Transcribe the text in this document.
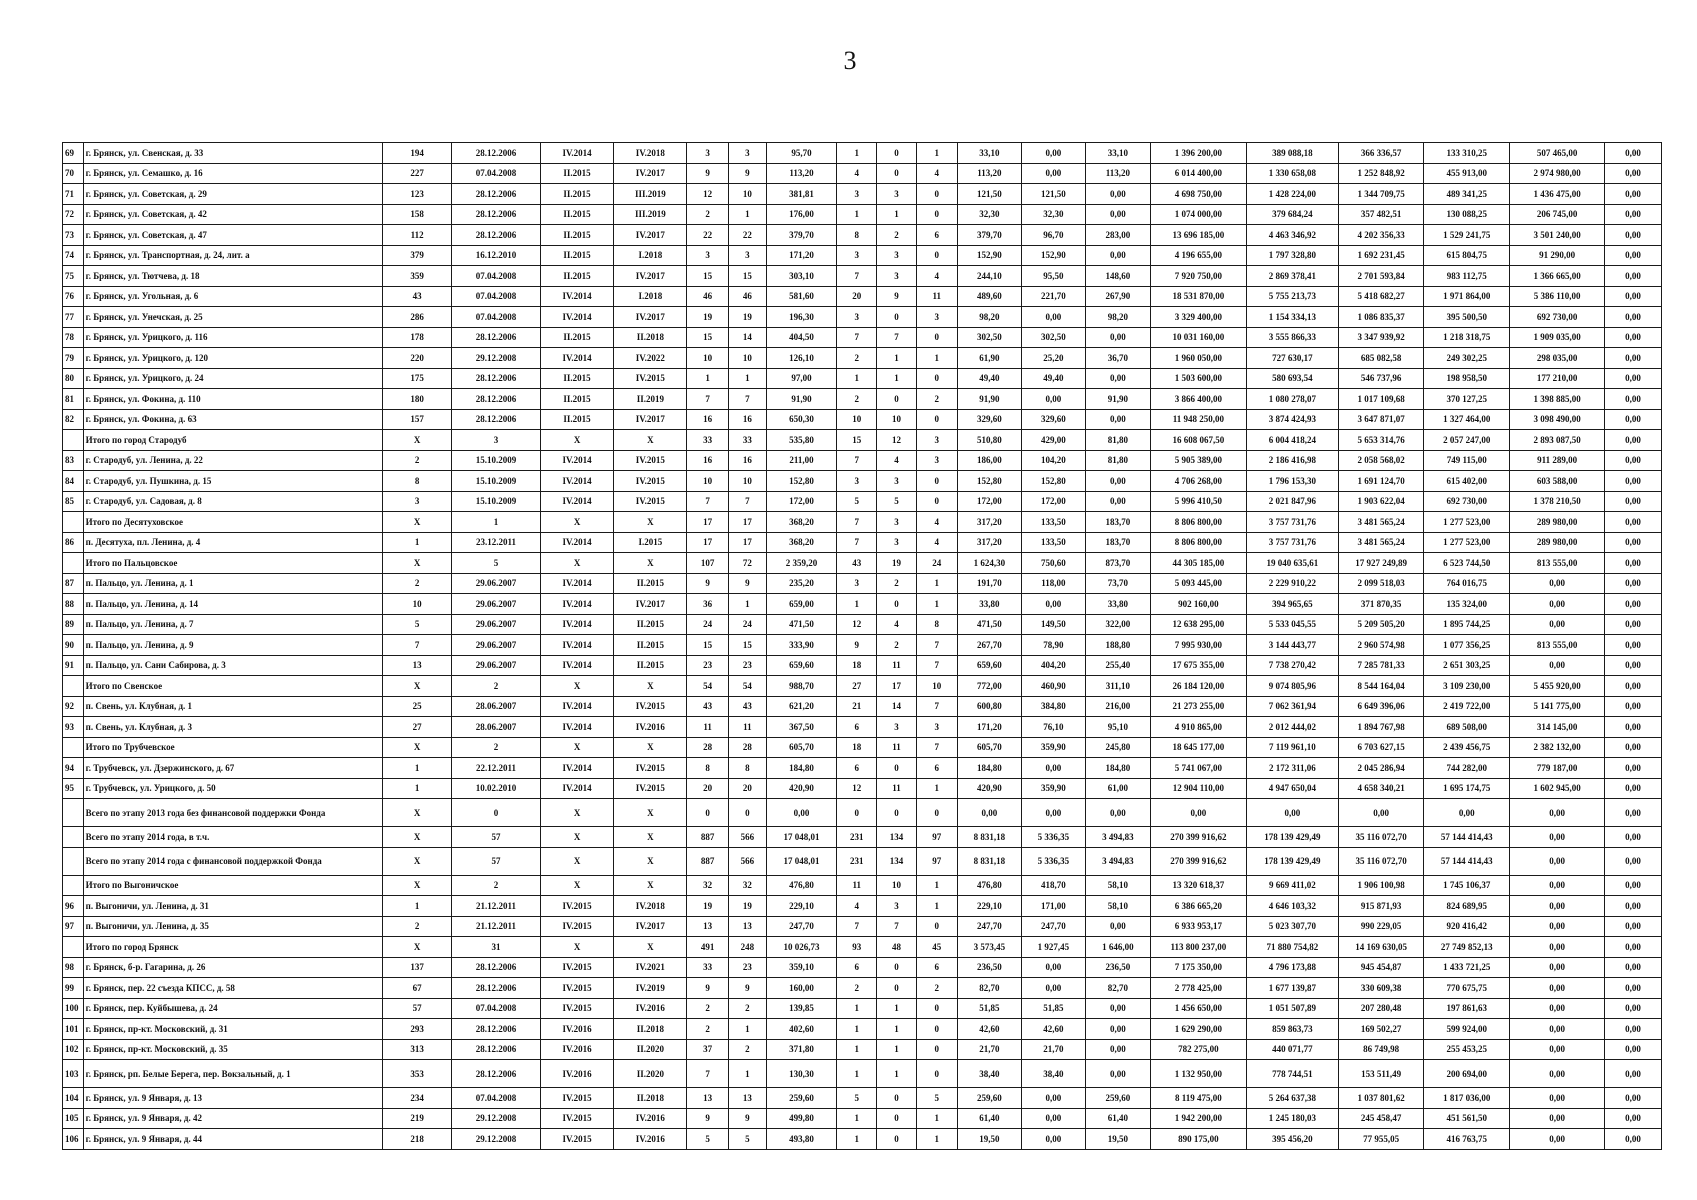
3
69	г. Брянск, ул. Свенская, д. 33	194	28.12.2006	IV.2014	IV.2018	3	3	95,70	1	0	1	33,10	0,00	33,10	1 396 200,00	389 088,18	366 336,57	133 310,25	507 465,00	0,00
70	г. Брянск, ул. Семашко, д. 16	227	07.04.2008	II.2015	IV.2017	9	9	113,20	4	0	4	113,20	0,00	113,20	6 014 400,00	1 330 658,08	1 252 848,92	455 913,00	2 974 980,00	0,00
71	г. Брянск, ул. Советская, д. 29	123	28.12.2006	II.2015	III.2019	12	10	381,81	3	3	0	121,50	121,50	0,00	4 698 750,00	1 428 224,00	1 344 709,75	489 341,25	1 436 475,00	0,00
72	г. Брянск, ул. Советская, д. 42	158	28.12.2006	II.2015	III.2019	2	1	176,00	1	1	0	32,30	32,30	0,00	1 074 000,00	379 684,24	357 482,51	130 088,25	206 745,00	0,00
73	г. Брянск, ул. Советская, д. 47	112	28.12.2006	II.2015	IV.2017	22	22	379,70	8	2	6	379,70	96,70	283,00	13 696 185,00	4 463 346,92	4 202 356,33	1 529 241,75	3 501 240,00	0,00
74	г. Брянск, ул. Транспортная, д. 24, лит. а	379	16.12.2010	II.2015	I.2018	3	3	171,20	3	3	0	152,90	152,90	0,00	4 196 655,00	1 797 328,80	1 692 231,45	615 804,75	91 290,00	0,00
75	г. Брянск, ул. Тютчева, д. 18	359	07.04.2008	II.2015	IV.2017	15	15	303,10	7	3	4	244,10	95,50	148,60	7 920 750,00	2 869 378,41	2 701 593,84	983 112,75	1 366 665,00	0,00
76	г. Брянск, ул. Угольная, д. 6	43	07.04.2008	IV.2014	I.2018	46	46	581,60	20	9	11	489,60	221,70	267,90	18 531 870,00	5 755 213,73	5 418 682,27	1 971 864,00	5 386 110,00	0,00
77	г. Брянск, ул. Унечская, д. 25	286	07.04.2008	IV.2014	IV.2017	19	19	196,30	3	0	3	98,20	0,00	98,20	3 329 400,00	1 154 334,13	1 086 835,37	395 500,50	692 730,00	0,00
78	г. Брянск, ул. Урицкого, д. 116	178	28.12.2006	II.2015	II.2018	15	14	404,50	7	7	0	302,50	302,50	0,00	10 031 160,00	3 555 866,33	3 347 939,92	1 218 318,75	1 909 035,00	0,00
79	г. Брянск, ул. Урицкого, д. 120	220	29.12.2008	IV.2014	IV.2022	10	10	126,10	2	1	1	61,90	25,20	36,70	1 960 050,00	727 630,17	685 082,58	249 302,25	298 035,00	0,00
80	г. Брянск, ул. Урицкого, д. 24	175	28.12.2006	II.2015	IV.2015	1	1	97,00	1	1	0	49,40	49,40	0,00	1 503 600,00	580 693,54	546 737,96	198 958,50	177 210,00	0,00
81	г. Брянск, ул. Фокина, д. 110	180	28.12.2006	II.2015	II.2019	7	7	91,90	2	0	2	91,90	0,00	91,90	3 866 400,00	1 080 278,07	1 017 109,68	370 127,25	1 398 885,00	0,00
82	г. Брянск, ул. Фокина, д. 63	157	28.12.2006	II.2015	IV.2017	16	16	650,30	10	10	0	329,60	329,60	0,00	11 948 250,00	3 874 424,93	3 647 871,07	1 327 464,00	3 098 490,00	0,00
	Итого по город Стародуб	X	3	X	X	33	33	535,80	15	12	3	510,80	429,00	81,80	16 608 067,50	6 004 418,24	5 653 314,76	2 057 247,00	2 893 087,50	0,00
83	г. Стародуб, ул. Ленина, д. 22	2	15.10.2009	IV.2014	IV.2015	16	16	211,00	7	4	3	186,00	104,20	81,80	5 905 389,00	2 186 416,98	2 058 568,02	749 115,00	911 289,00	0,00
84	г. Стародуб, ул. Пушкина, д. 15	8	15.10.2009	IV.2014	IV.2015	10	10	152,80	3	3	0	152,80	152,80	0,00	4 706 268,00	1 796 153,30	1 691 124,70	615 402,00	603 588,00	0,00
85	г. Стародуб, ул. Садовая, д. 8	3	15.10.2009	IV.2014	IV.2015	7	7	172,00	5	5	0	172,00	172,00	0,00	5 996 410,50	2 021 847,96	1 903 622,04	692 730,00	1 378 210,50	0,00
	Итого по Десятуховское	X	1	X	X	17	17	368,20	7	3	4	317,20	133,50	183,70	8 806 800,00	3 757 731,76	3 481 565,24	1 277 523,00	289 980,00	0,00
86	п. Десятуха, пл. Ленина, д. 4	1	23.12.2011	IV.2014	I.2015	17	17	368,20	7	3	4	317,20	133,50	183,70	8 806 800,00	3 757 731,76	3 481 565,24	1 277 523,00	289 980,00	0,00
	Итого по Пальцовское	X	5	X	X	107	72	2 359,20	43	19	24	1 624,30	750,60	873,70	44 305 185,00	19 040 635,61	17 927 249,89	6 523 744,50	813 555,00	0,00
87	п. Пальцо, ул. Ленина, д. 1	2	29.06.2007	IV.2014	II.2015	9	9	235,20	3	2	1	191,70	118,00	73,70	5 093 445,00	2 229 910,22	2 099 518,03	764 016,75	0,00	0,00
88	п. Пальцо, ул. Ленина, д. 14	10	29.06.2007	IV.2014	IV.2017	36	1	659,00	1	0	1	33,80	0,00	33,80	902 160,00	394 965,65	371 870,35	135 324,00	0,00	0,00
89	п. Пальцо, ул. Ленина, д. 7	5	29.06.2007	IV.2014	II.2015	24	24	471,50	12	4	8	471,50	149,50	322,00	12 638 295,00	5 533 045,55	5 209 505,20	1 895 744,25	0,00	0,00
90	п. Пальцо, ул. Ленина, д. 9	7	29.06.2007	IV.2014	II.2015	15	15	333,90	9	2	7	267,70	78,90	188,80	7 995 930,00	3 144 443,77	2 960 574,98	1 077 356,25	813 555,00	0,00
91	п. Пальцо, ул. Сани Сабирова, д. 3	13	29.06.2007	IV.2014	II.2015	23	23	659,60	18	11	7	659,60	404,20	255,40	17 675 355,00	7 738 270,42	7 285 781,33	2 651 303,25	0,00	0,00
	Итого по Свенское	X	2	X	X	54	54	988,70	27	17	10	772,00	460,90	311,10	26 184 120,00	9 074 805,96	8 544 164,04	3 109 230,00	5 455 920,00	0,00
92	п. Свень, ул. Клубная, д. 1	25	28.06.2007	IV.2014	IV.2015	43	43	621,20	21	14	7	600,80	384,80	216,00	21 273 255,00	7 062 361,94	6 649 396,06	2 419 722,00	5 141 775,00	0,00
93	п. Свень, ул. Клубная, д. 3	27	28.06.2007	IV.2014	IV.2016	11	11	367,50	6	3	3	171,20	76,10	95,10	4 910 865,00	2 012 444,02	1 894 767,98	689 508,00	314 145,00	0,00
	Итого по Трубчевское	X	2	X	X	28	28	605,70	18	11	7	605,70	359,90	245,80	18 645 177,00	7 119 961,10	6 703 627,15	2 439 456,75	2 382 132,00	0,00
94	г. Трубчевск, ул. Дзержинского, д. 67	1	22.12.2011	IV.2014	IV.2015	8	8	184,80	6	0	6	184,80	0,00	184,80	5 741 067,00	2 172 311,06	2 045 286,94	744 282,00	779 187,00	0,00
95	г. Трубчевск, ул. Урицкого, д. 50	1	10.02.2010	IV.2014	IV.2015	20	20	420,90	12	11	1	420,90	359,90	61,00	12 904 110,00	4 947 650,04	4 658 340,21	1 695 174,75	1 602 945,00	0,00
	Всего по этапу 2013 года без финансовой поддержки Фонда	X	0	X	X	0	0	0,00	0	0	0	0,00	0,00	0,00	0,00	0,00	0,00	0,00	0,00	0,00
	Всего по этапу 2014 года, в т.ч.	X	57	X	X	887	566	17 048,01	231	134	97	8 831,18	5 336,35	3 494,83	270 399 916,62	178 139 429,49	35 116 072,70	57 144 414,43	0,00	0,00
	Всего по этапу 2014 года с финансовой поддержкой Фонда	X	57	X	X	887	566	17 048,01	231	134	97	8 831,18	5 336,35	3 494,83	270 399 916,62	178 139 429,49	35 116 072,70	57 144 414,43	0,00	0,00
	Итого по Выгоничское	X	2	X	X	32	32	476,80	11	10	1	476,80	418,70	58,10	13 320 618,37	9 669 411,02	1 906 100,98	1 745 106,37	0,00	0,00
96	п. Выгоничи, ул. Ленина, д. 31	1	21.12.2011	IV.2015	IV.2018	19	19	229,10	4	3	1	229,10	171,00	58,10	6 386 665,20	4 646 103,32	915 871,93	824 689,95	0,00	0,00
97	п. Выгоничи, ул. Ленина, д. 35	2	21.12.2011	IV.2015	IV.2017	13	13	247,70	7	7	0	247,70	247,70	0,00	6 933 953,17	5 023 307,70	990 229,05	920 416,42	0,00	0,00
	Итого по город Брянск	X	31	X	X	491	248	10 026,73	93	48	45	3 573,45	1 927,45	1 646,00	113 800 237,00	71 880 754,82	14 169 630,05	27 749 852,13	0,00	0,00
98	г. Брянск, б-р. Гагарина, д. 26	137	28.12.2006	IV.2015	IV.2021	33	23	359,10	6	0	6	236,50	0,00	236,50	7 175 350,00	4 796 173,88	945 454,87	1 433 721,25	0,00	0,00
99	г. Брянск, пер. 22 съезда КПСС, д. 58	67	28.12.2006	IV.2015	IV.2019	9	9	160,00	2	0	2	82,70	0,00	82,70	2 778 425,00	1 677 139,87	330 609,38	770 675,75	0,00	0,00
100	г. Брянск, пер. Куйбышева, д. 24	57	07.04.2008	IV.2015	IV.2016	2	2	139,85	1	1	0	51,85	51,85	0,00	1 456 650,00	1 051 507,89	207 280,48	197 861,63	0,00	0,00
101	г. Брянск, пр-кт. Московский, д. 31	293	28.12.2006	IV.2016	II.2018	2	1	402,60	1	1	0	42,60	42,60	0,00	1 629 290,00	859 863,73	169 502,27	599 924,00	0,00	0,00
102	г. Брянск, пр-кт. Московский, д. 35	313	28.12.2006	IV.2016	II.2020	37	2	371,80	1	1	0	21,70	21,70	0,00	782 275,00	440 071,77	86 749,98	255 453,25	0,00	0,00
103	г. Брянск, рп. Белые Берега, пер. Вокзальный, д. 1	353	28.12.2006	IV.2016	II.2020	7	1	130,30	1	1	0	38,40	38,40	0,00	1 132 950,00	778 744,51	153 511,49	200 694,00	0,00	0,00
104	г. Брянск, ул. 9 Января, д. 13	234	07.04.2008	IV.2015	II.2018	13	13	259,60	5	0	5	259,60	0,00	259,60	8 119 475,00	5 264 637,38	1 037 801,62	1 817 036,00	0,00	0,00
105	г. Брянск, ул. 9 Января, д. 42	219	29.12.2008	IV.2015	IV.2016	9	9	499,80	1	0	1	61,40	0,00	61,40	1 942 200,00	1 245 180,03	245 458,47	451 561,50	0,00	0,00
106	г. Брянск, ул. 9 Января, д. 44	218	29.12.2008	IV.2015	IV.2016	5	5	493,80	1	0	1	19,50	0,00	19,50	890 175,00	395 456,20	77 955,05	416 763,75	0,00	0,00
